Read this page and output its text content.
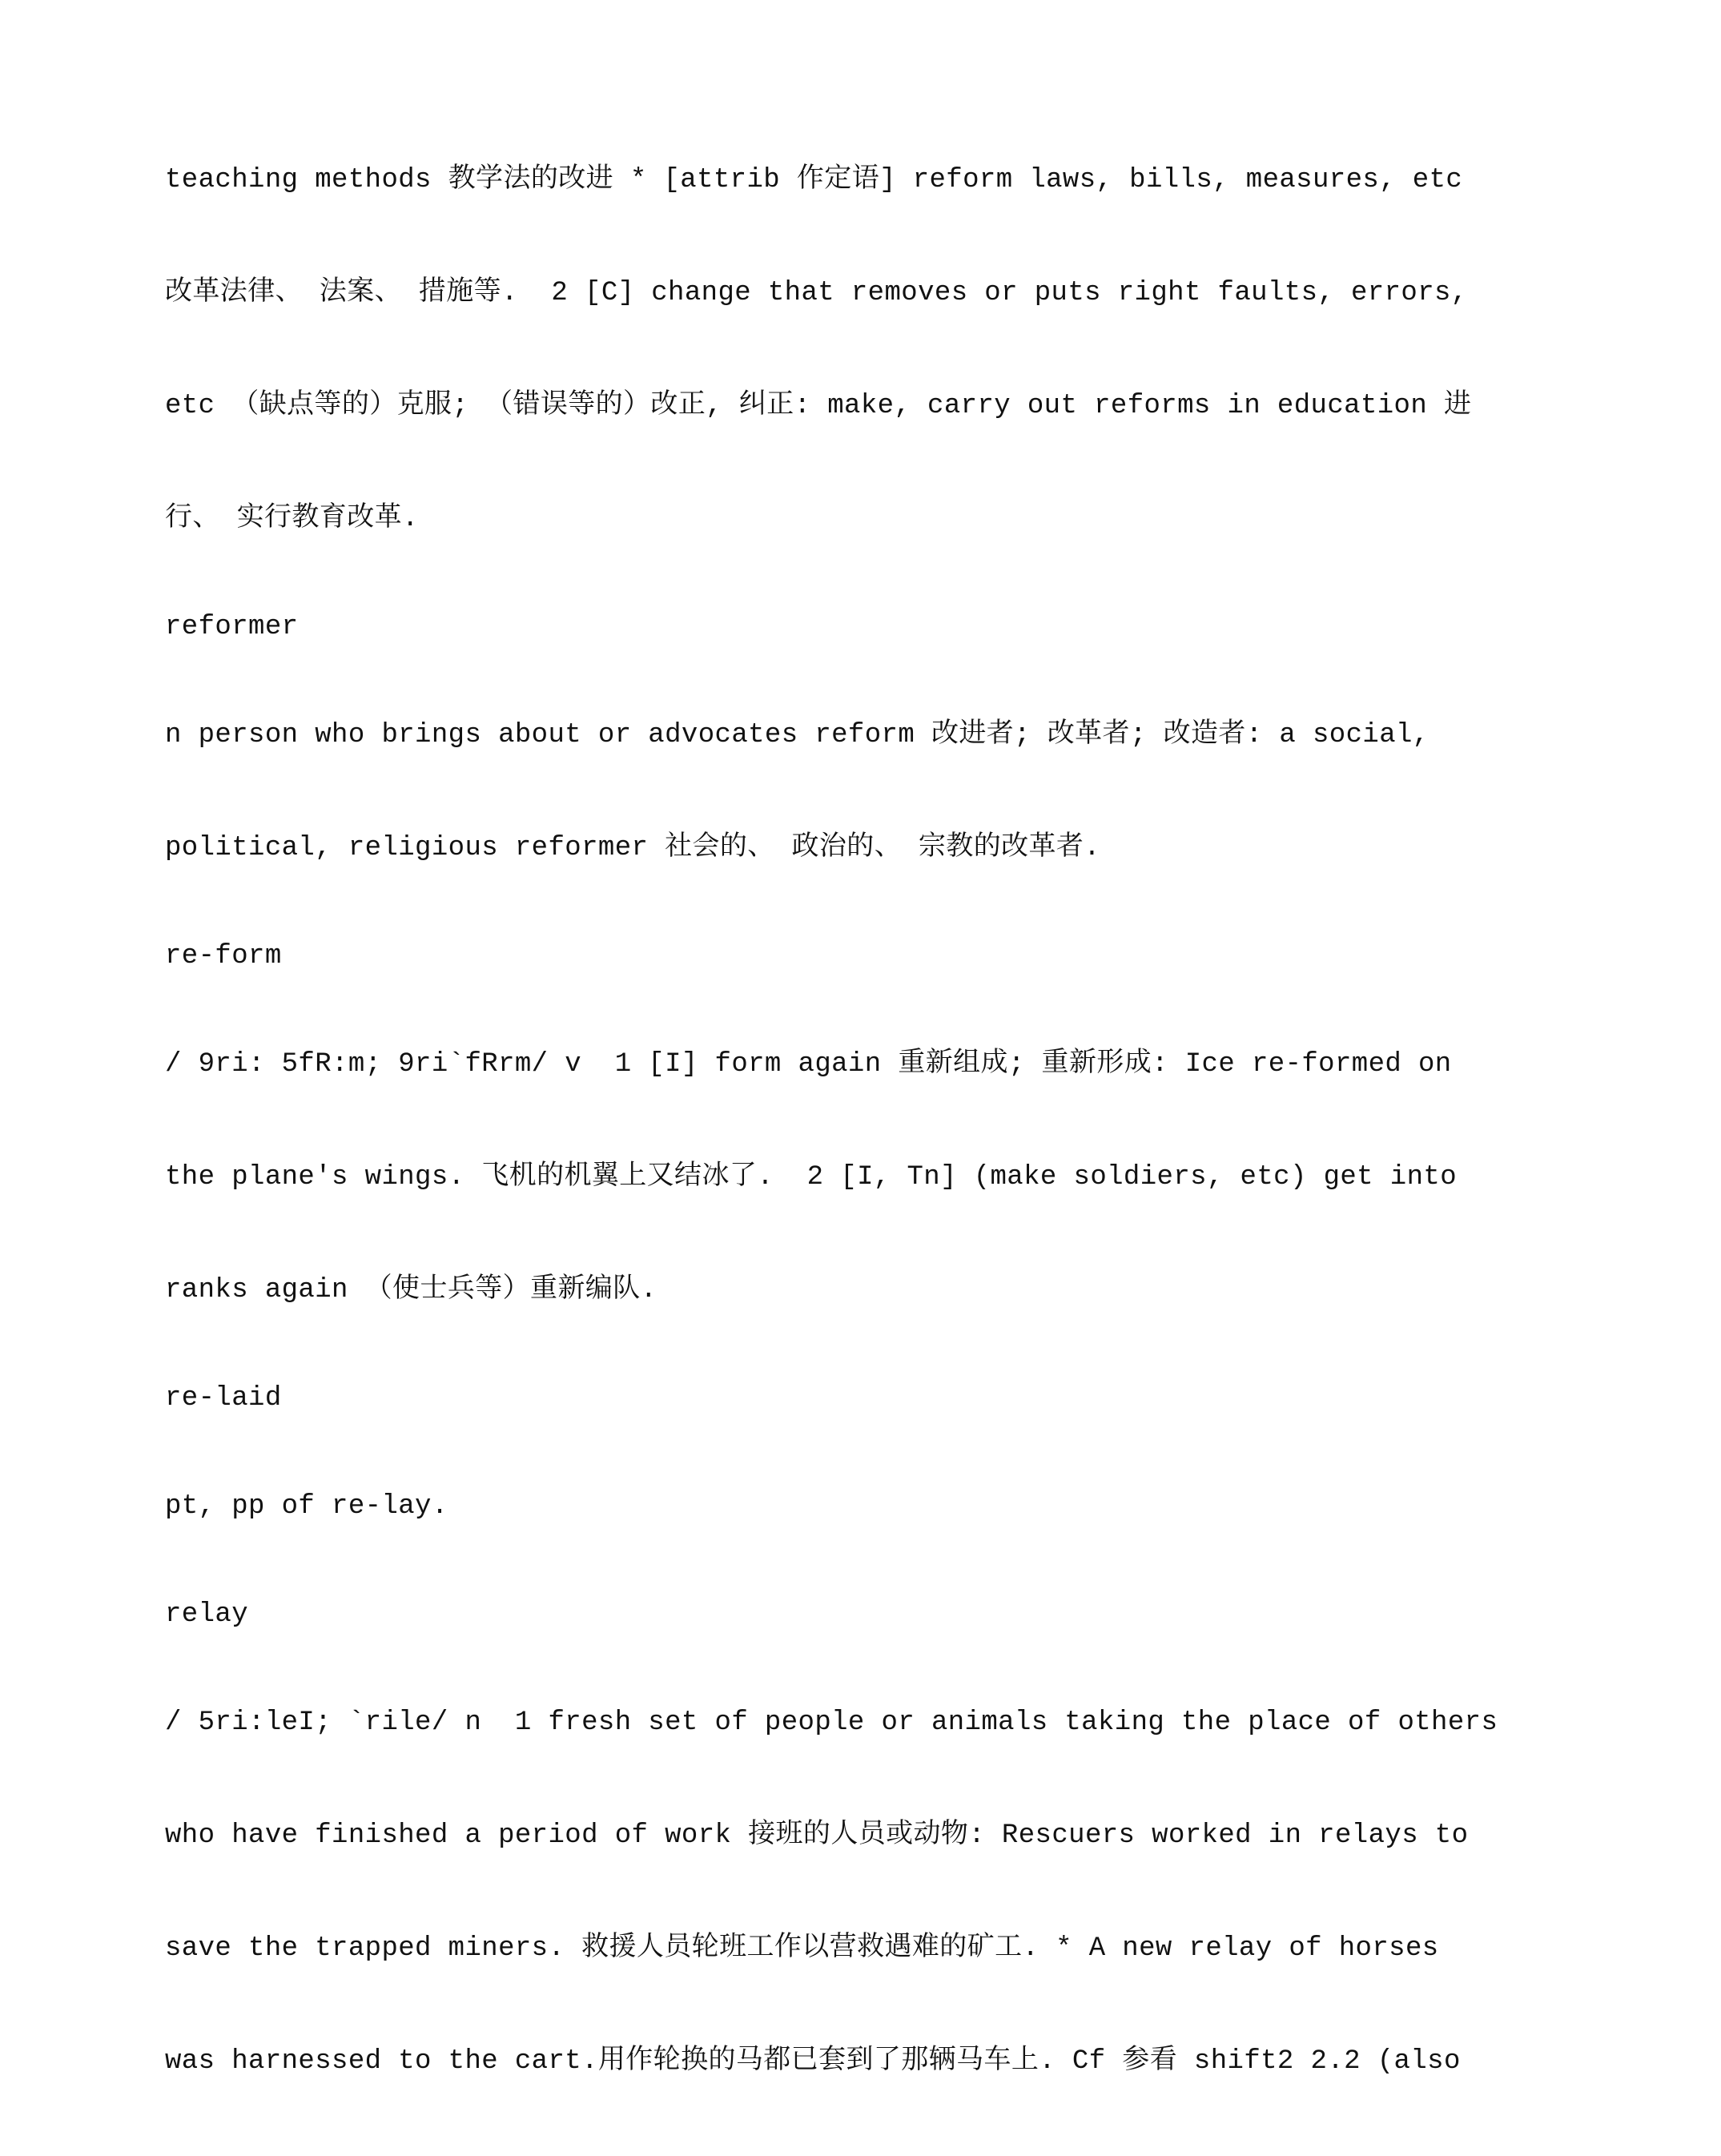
teaching methods 教学法的改进 * [attrib 作定语] reform laws, bills, measures, etc

改革法律、 法案、 措施等.  2 [C] change that removes or puts right faults, errors,

etc （缺点等的）克服; （错误等的）改正, 纠正: make, carry out reforms in education 进

行、 实行教育改革.

reformer

n person who brings about or advocates reform 改进者; 改革者; 改造者: a social,

political, religious reformer 社会的、 政治的、 宗教的改革者.

re-form

/ 9ri: 5fR:m; 9ri`fRrm/ v  1 [I] form again 重新组成; 重新形成: Ice re-formed on

the plane's wings. 飞机的机翼上又结冰了.  2 [I, Tn] (make soldiers, etc) get into

ranks again （使士兵等）重新编队.

re-laid

pt, pp of re-lay.

relay

/ 5ri:leI; `rile/ n  1 fresh set of people or animals taking the place of others

who have finished a period of work 接班的人员或动物: Rescuers worked in relays to

save the trapped miners. 救援人员轮班工作以营救遇难的矿工. * A new relay of horses

was harnessed to the cart.用作轮换的马都已套到了那辆马车上. Cf 参看 shift2 2.2 (also
